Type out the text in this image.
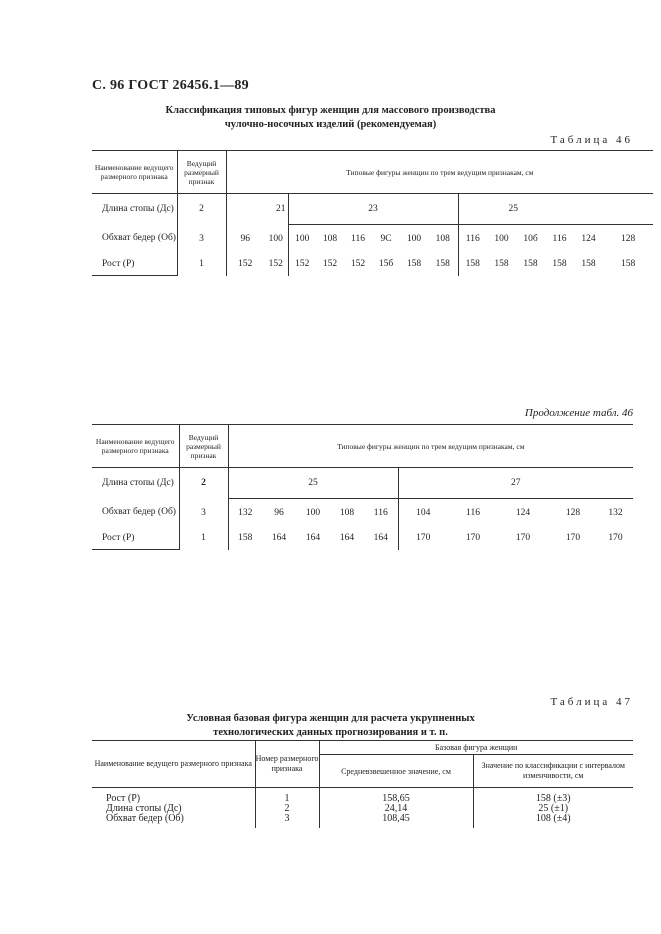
С. 96 ГОСТ 26456.1—89
Классификация типовых фигур женщин для массового производства
чулочно-носочных изделий (рекомендуемая)
Таблица 46
Наименование ведущего размерного признака	Ведущий размерный признак	Типовые фигуры женщин по трем ведущим признакам, см													
Длина стопы (Дс)	2	21		23						25					
Обхват бедер (Об)	3	96	100	100	108	116	9С	100	108	116	100	10б	116	124	128
Рост (Р)	1	152	152	152	152	152	15б	158	158	158	158	158	158	158	158
Продолжение табл. 46
Наименование ведущего размерного признака	Ведущий размерный признак	Типовые фигуры женщин по трем ведущим признакам, см									
Длина стопы (Дс)	2	25					27				
Обхват бедер (Об)	3	132	96	100	108	116	104	116	124	128	132
Рост (Р)	1	158	164	164	164	164	170	170	170	170	170
Таблица 47
Условная базовая фигура женщин для расчета укрупненных
технологических данных прогнозирования и т. п.
Наименование ведущего размерного признака	Номер размерного признака	Базовая фигура женщин	
		Средневзвешенное значение, см	Значение по классификации с интервалом изменчивости, см
Рост (Р)	1	158,65	158 (±3)
Длина стопы (Дс)	2	24,14	25 (±1)
Обхват бедер (Об)	3	108,45	108 (±4)
